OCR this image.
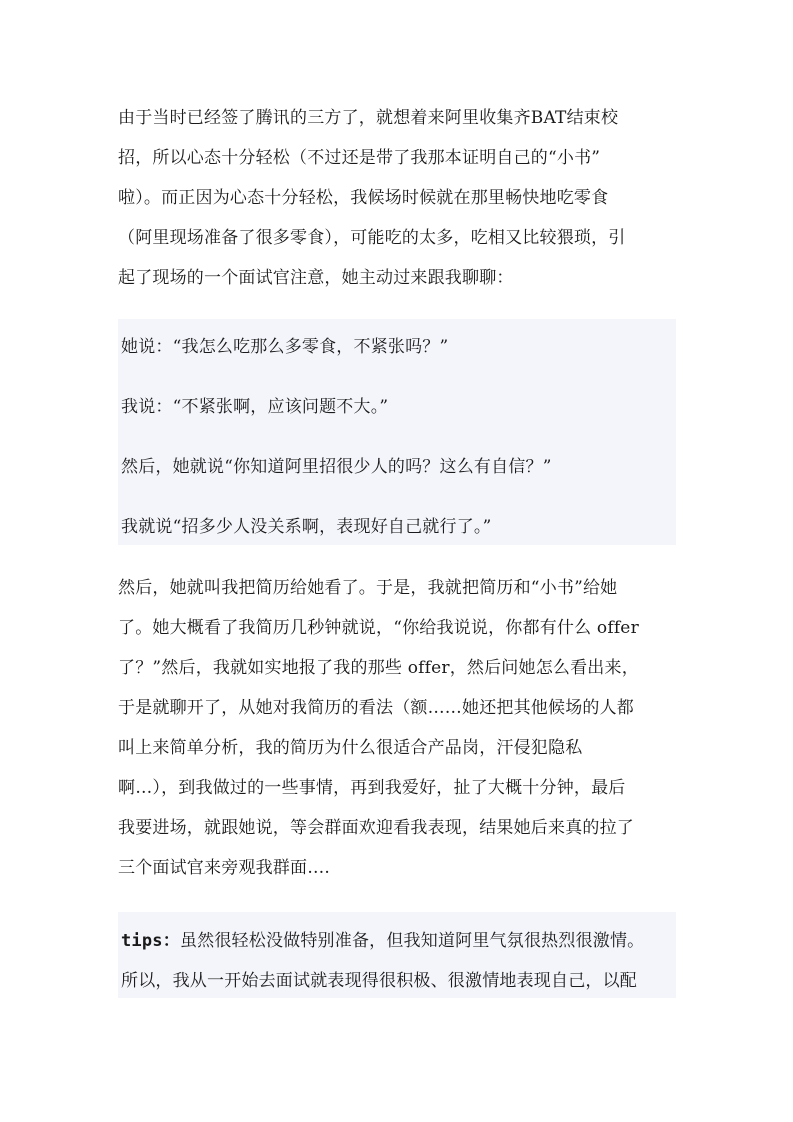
由于当时已经签了腾讯的三方了，就想着来阿里收集齐BAT结束校
招，所以心态十分轻松（不过还是带了我那本证明自己的“小书”
啦）。而正因为心态十分轻松，我候场时候就在那里畅快地吃零食
（阿里现场准备了很多零食），可能吃的太多，吃相又比较猥琐，引
起了现场的一个面试官注意，她主动过来跟我聊聊：
她说：“我怎么吃那么多零食，不紧张吗？”
我说：“不紧张啊，应该问题不大。”
然后，她就说“你知道阿里招很少人的吗？这么有自信？”
我就说“招多少人没关系啊，表现好自己就行了。”
然后，她就叫我把简历给她看了。于是，我就把简历和“小书”给她
了。她大概看了我简历几秒钟就说，“你给我说说，你都有什么 offer
了？”然后，我就如实地报了我的那些 offer，然后问她怎么看出来，
于是就聊开了，从她对我简历的看法（额……她还把其他候场的人都
叫上来简单分析，我的简历为什么很适合产品岗，汗侵犯隐私
啊…），到我做过的一些事情，再到我爱好，扯了大概十分钟，最后
我要进场，就跟她说，等会群面欢迎看我表现，结果她后来真的拉了
三个面试官来旁观我群面….
tips：虽然很轻松没做特别准备，但我知道阿里气氛很热烈很激情。
所以，我从一开始去面试就表现得很积极、很激情地表现自己，以配
